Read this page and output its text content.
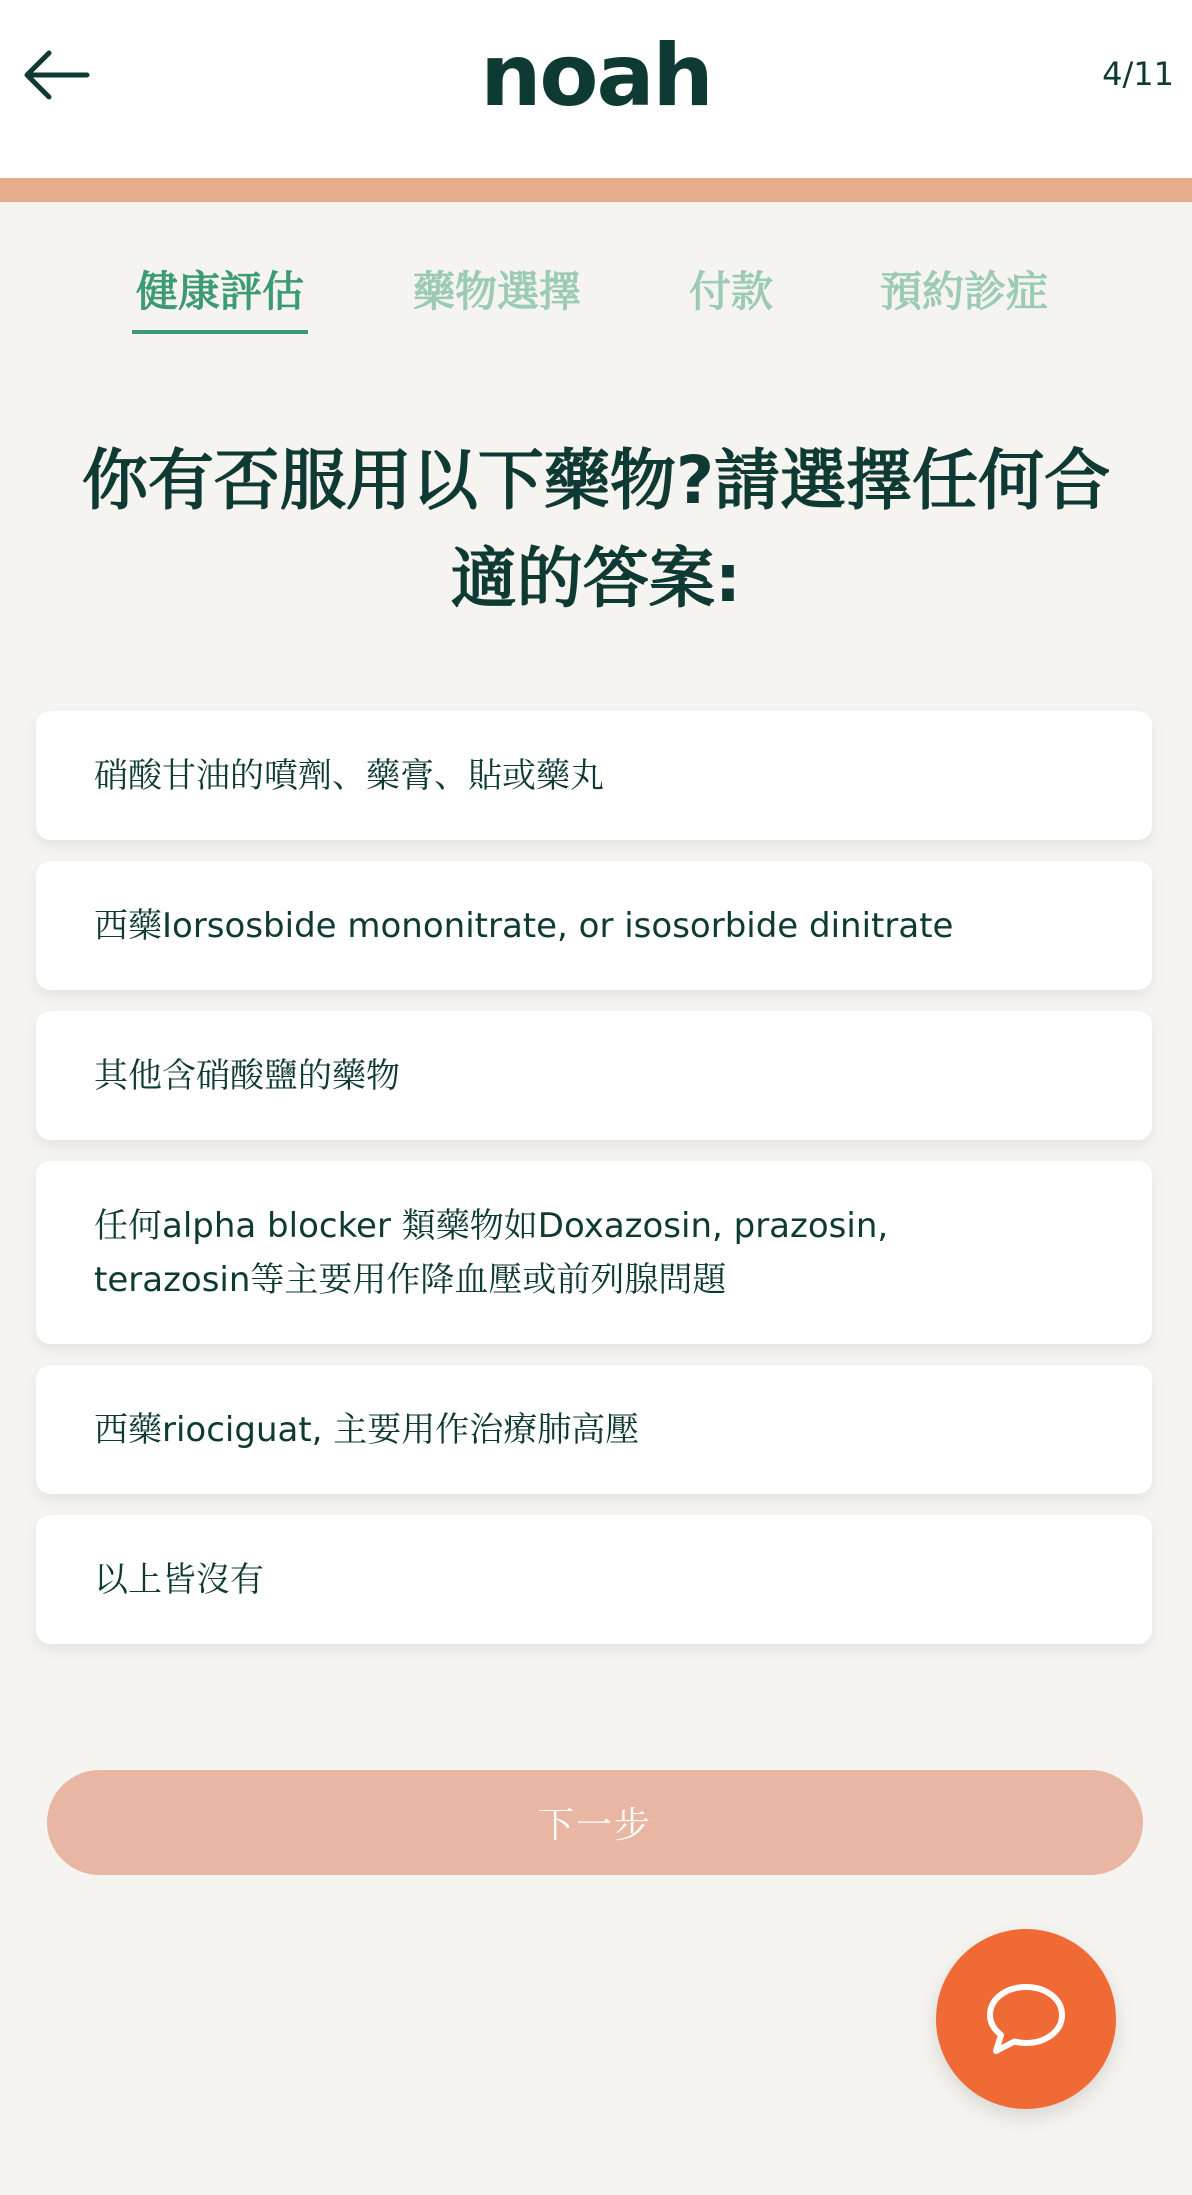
noah	4/11
健康評估	藥物選擇	付款	預約診症
你有否服用以下藥物?請選擇任何合
適的答案:
硝酸甘油的噴劑、藥膏、貼或藥丸
西藥Iorsosbide mononitrate, or isosorbide dinitrate
其他含硝酸鹽的藥物
任何alpha blocker 類藥物如Doxazosin, prazosin,
terazosin等主要用作降血壓或前列腺問題
西藥riociguat, 主要用作治療肺高壓
以上皆沒有
下一步
